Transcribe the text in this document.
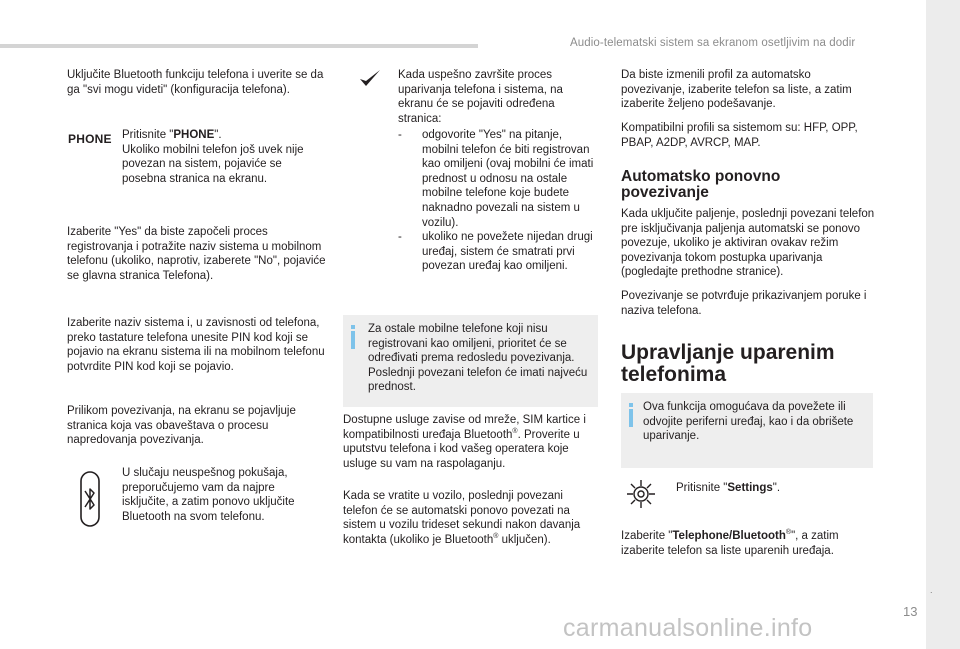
Audio-telematski sistem sa ekranom osetljivim na dodir
.
13
carmanualsonline.info

Uključite Bluetooth funkciju telefona i uverite se da ga "svi mogu videti" (konfiguracija telefona).

PHONE Pritisnite "PHONE".
Ukoliko mobilni telefon još uvek nije povezan na sistem, pojaviće se posebna stranica na ekranu.

Izaberite "Yes" da biste započeli proces registrovanja i potražite naziv sistema u mobilnom telefonu (ukoliko, naprotiv, izaberete "No", pojaviće se glavna stranica Telefona).

Izaberite naziv sistema i, u zavisnosti od telefona, preko tastature telefona unesite PIN kod koji se pojavio na ekranu sistema ili na mobilnom telefonu potvrdite PIN kod koji se pojavio.

Prilikom povezivanja, na ekranu se pojavljuje stranica koja vas obaveštava o procesu napredovanja povezivanja.

U slučaju neuspešnog pokušaja, preporučujemo vam da najpre isključite, a zatim ponovo uključite Bluetooth na svom telefonu.

Kada uspešno završite proces uparivanja telefona i sistema, na ekranu će se pojaviti određena stranica:

- odgovorite "Yes" na pitanje, mobilni telefon će biti registrovan kao omiljeni (ovaj mobilni će imati prednost u odnosu na ostale mobilne telefone koje budete naknadno povezali na sistem u vozilu).
- ukoliko ne povežete nijedan drugi uređaj, sistem će smatrati prvi povezan uređaj kao omiljeni.

Za ostale mobilne telefone koji nisu registrovani kao omiljeni, prioritet će se određivati prema redosledu povezivanja. Poslednji povezani telefon će imati najveću prednost.

Dostupne usluge zavise od mreže, SIM kartice i kompatibilnosti uređaja Bluetooth®. Proverite u uputstvu telefona i kod vašeg operatera koje usluge su vam na raspolaganju.

Kada se vratite u vozilo, poslednji povezani telefon će se automatski ponovo povezati na sistem u vozilu trideset sekundi nakon davanja kontakta (ukoliko je Bluetooth® uključen).

Da biste izmenili profil za automatsko povezivanje, izaberite telefon sa liste, a zatim izaberite željeno podešavanje.

Kompatibilni profili sa sistemom su: HFP, OPP, PBAP, A2DP, AVRCP, MAP.

Automatsko ponovno povezivanje

Kada uključite paljenje, poslednji povezani telefon pre isključivanja paljenja automatski se ponovo povezuje, ukoliko je aktiviran ovakav režim povezivanja tokom postupka uparivanja (pogledajte prethodne stranice).

Povezivanje se potvrđuje prikazivanjem poruke i naziva telefona.

Upravljanje uparenim telefonima

Ova funkcija omogućava da povežete ili odvojite periferni uređaj, kao i da obrišete uparivanje.

Pritisnite "Settings".

Izaberite "Telephone/Bluetooth®", a zatim izaberite telefon sa liste uparenih uređaja.
